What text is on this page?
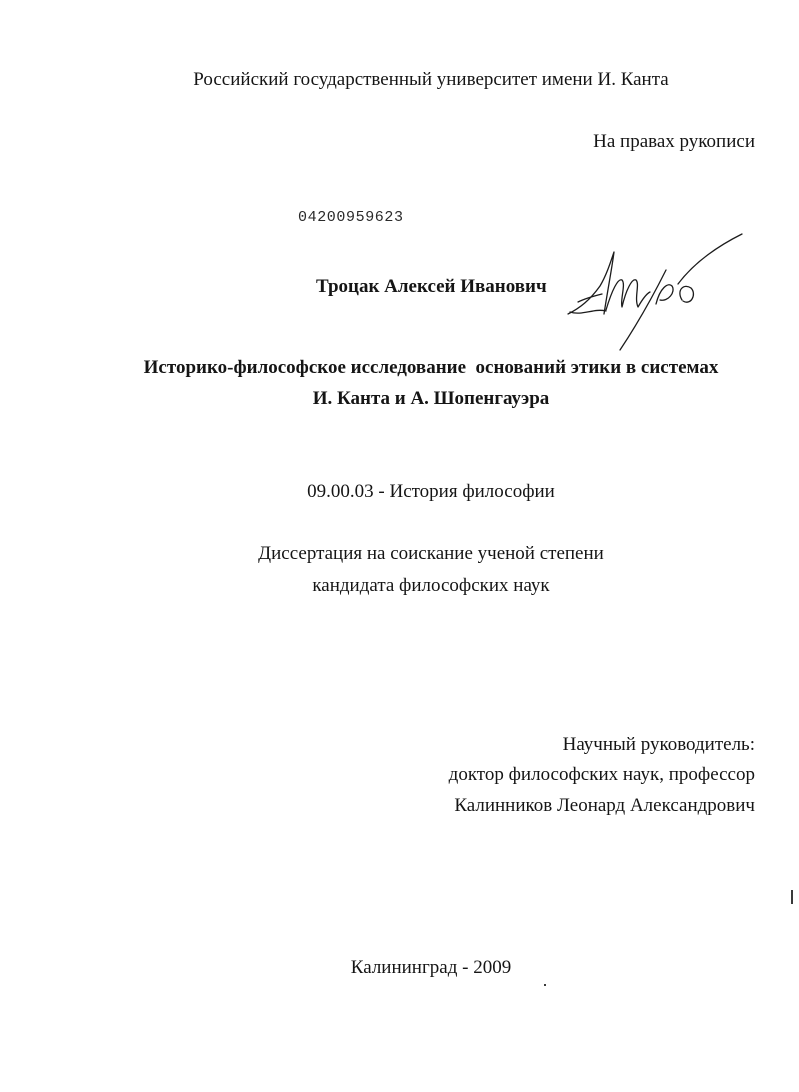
Российский государственный университет имени И. Канта

На правах рукописи

04200959623

Троцак Алексей Иванович

Историко-философское исследование  оснований этики в системах

И. Канта и А. Шопенгауэра

09.00.03 - История философии

Диссертация на соискание ученой степени

кандидата философских наук

Научный руководитель:

доктор философских наук, профессор

Калинников Леонард Александрович

Калининград - 2009
